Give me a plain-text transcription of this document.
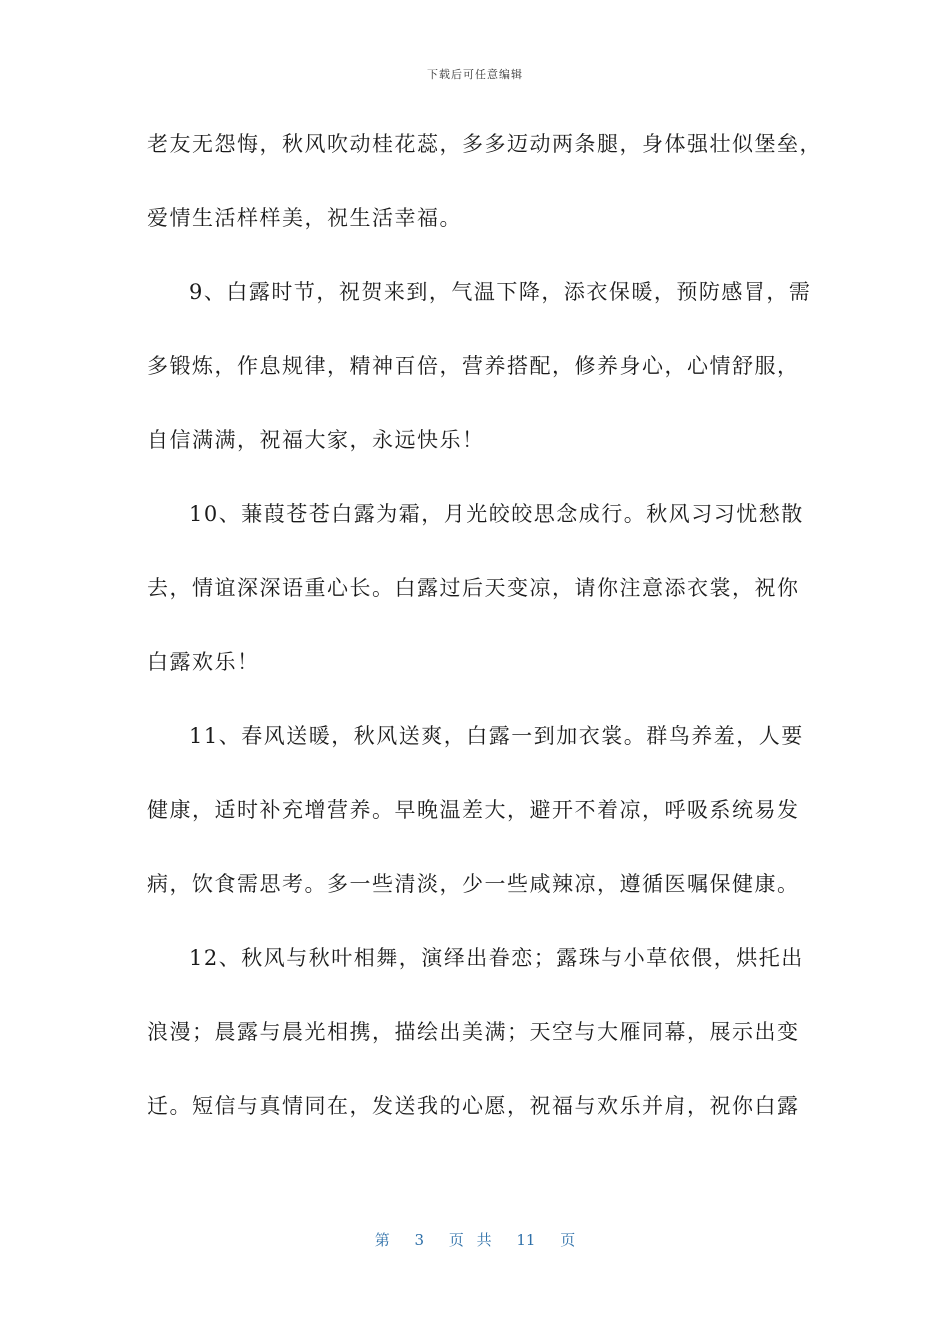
下载后可任意编辑
老友无怨悔，秋风吹动桂花蕊，多多迈动两条腿，身体强壮似堡垒，
爱情生活样样美，祝生活幸福。
9、白露时节，祝贺来到，气温下降，添衣保暖，预防感冒，需
多锻炼，作息规律，精神百倍，营养搭配，修养身心，心情舒服，
自信满满，祝福大家，永远快乐！
10、蒹葭苍苍白露为霜，月光皎皎思念成行。秋风习习忧愁散
去，情谊深深语重心长。白露过后天变凉，请你注意添衣裳，祝你
白露欢乐！
11、春风送暖，秋风送爽，白露一到加衣裳。群鸟养羞，人要
健康，适时补充增营养。早晚温差大，避开不着凉，呼吸系统易发
病，饮食需思考。多一些清淡，少一些咸辣凉，遵循医嘱保健康。
12、秋风与秋叶相舞，演绎出眷恋；露珠与小草依偎，烘托出
浪漫；晨露与晨光相携，描绘出美满；天空与大雁同幕，展示出变
迁。短信与真情同在，发送我的心愿，祝福与欢乐并肩，祝你白露
第 3 页 共 11 页
